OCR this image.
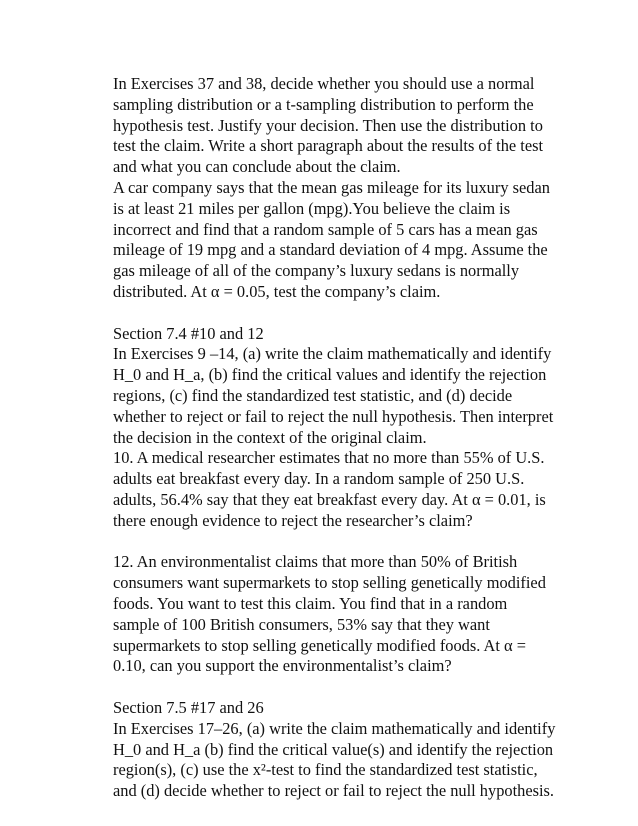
In Exercises 37 and 38, decide whether you should use a normal
sampling distribution or a t-sampling distribution to perform the
hypothesis test. Justify your decision. Then use the distribution to
test the claim. Write a short paragraph about the results of the test
and what you can conclude about the claim.
A car company says that the mean gas mileage for its luxury sedan
is at least 21 miles per gallon (mpg).You believe the claim is
incorrect and find that a random sample of 5 cars has a mean gas
mileage of 19 mpg and a standard deviation of 4 mpg. Assume the
gas mileage of all of the company’s luxury sedans is normally
distributed. At α = 0.05, test the company’s claim.
Section 7.4 #10 and 12
In Exercises 9 –14, (a) write the claim mathematically and identify
H_0 and H_a, (b) find the critical values and identify the rejection
regions, (c) find the standardized test statistic, and (d) decide
whether to reject or fail to reject the null hypothesis. Then interpret
the decision in the context of the original claim.
10. A medical researcher estimates that no more than 55% of U.S.
adults eat breakfast every day. In a random sample of 250 U.S.
adults, 56.4% say that they eat breakfast every day. At α = 0.01, is
there enough evidence to reject the researcher’s claim?
12. An environmentalist claims that more than 50% of British
consumers want supermarkets to stop selling genetically modified
foods. You want to test this claim. You find that in a random
sample of 100 British consumers, 53% say that they want
supermarkets to stop selling genetically modified foods. At α =
0.10, can you support the environmentalist’s claim?
Section 7.5 #17 and 26
In Exercises 17–26, (a) write the claim mathematically and identify
H_0 and H_a (b) find the critical value(s) and identify the rejection
region(s), (c) use the x²-test to find the standardized test statistic,
and (d) decide whether to reject or fail to reject the null hypothesis.
